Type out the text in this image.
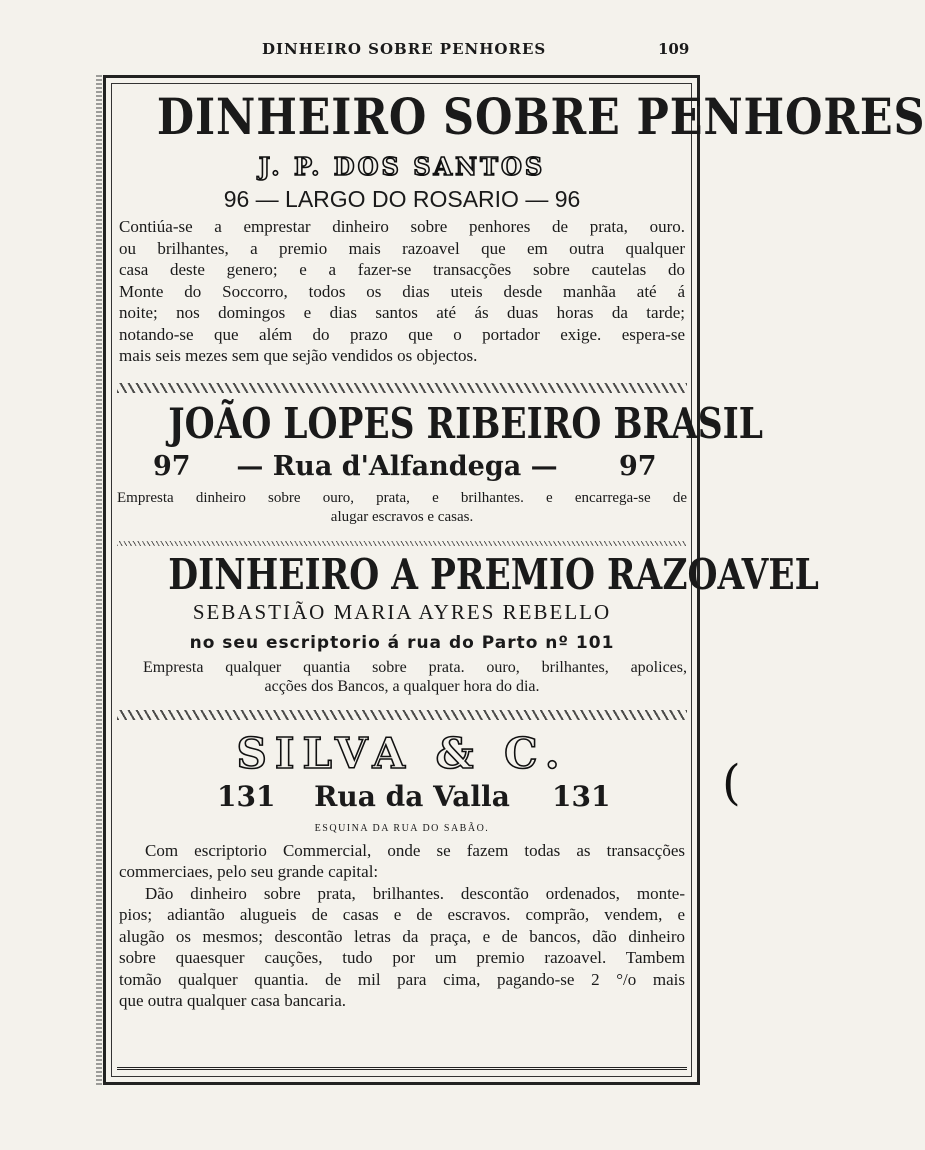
DINHEIRO SOBRE PENHORES	109
(
DINHEIRO SOBRE PENHORES
J. P. DOS SANTOS
96 — LARGO DO ROSARIO — 96
Contiúa-se a emprestar dinheiro sobre penhores de prata, ouro.
ou brilhantes, a premio mais razoavel que em outra qualquer
casa deste genero; e a fazer-se transacções sobre cautelas do
Monte do Soccorro, todos os dias uteis desde manhãa até á
noite; nos domingos e dias santos até ás duas horas da tarde;
notando-se que além do prazo que o portador exige. espera-se
mais seis mezes sem que sejão vendidos os objectos.
JOÃO LOPES RIBEIRO BRASIL
97	— Rua d'Alfandega —	97
Empresta dinheiro sobre ouro, prata, e brilhantes. e encarrega-se de
alugar escravos e casas.
DINHEIRO A PREMIO RAZOAVEL
SEBASTIÃO MARIA AYRES REBELLO
no seu escriptorio á rua do Parto nº 101
Empresta qualquer quantia sobre prata. ouro, brilhantes, apolices,
acções dos Bancos, a qualquer hora do dia.
SILVA & C.
131	Rua da Valla	131
ESQUINA DA RUA DO SABÃO.
Com escriptorio Commercial, onde se fazem todas as transacções
commerciaes, pelo seu grande capital:
Dão dinheiro sobre prata, brilhantes. descontão ordenados, monte-
pios; adiantão alugueis de casas e de escravos. comprão, vendem, e
alugão os mesmos; descontão letras da praça, e de bancos, dão dinheiro
sobre quaesquer cauções, tudo por um premio razoavel. Tambem
tomão qualquer quantia. de mil para cima, pagando-se 2 °/o mais
que outra qualquer casa bancaria.
